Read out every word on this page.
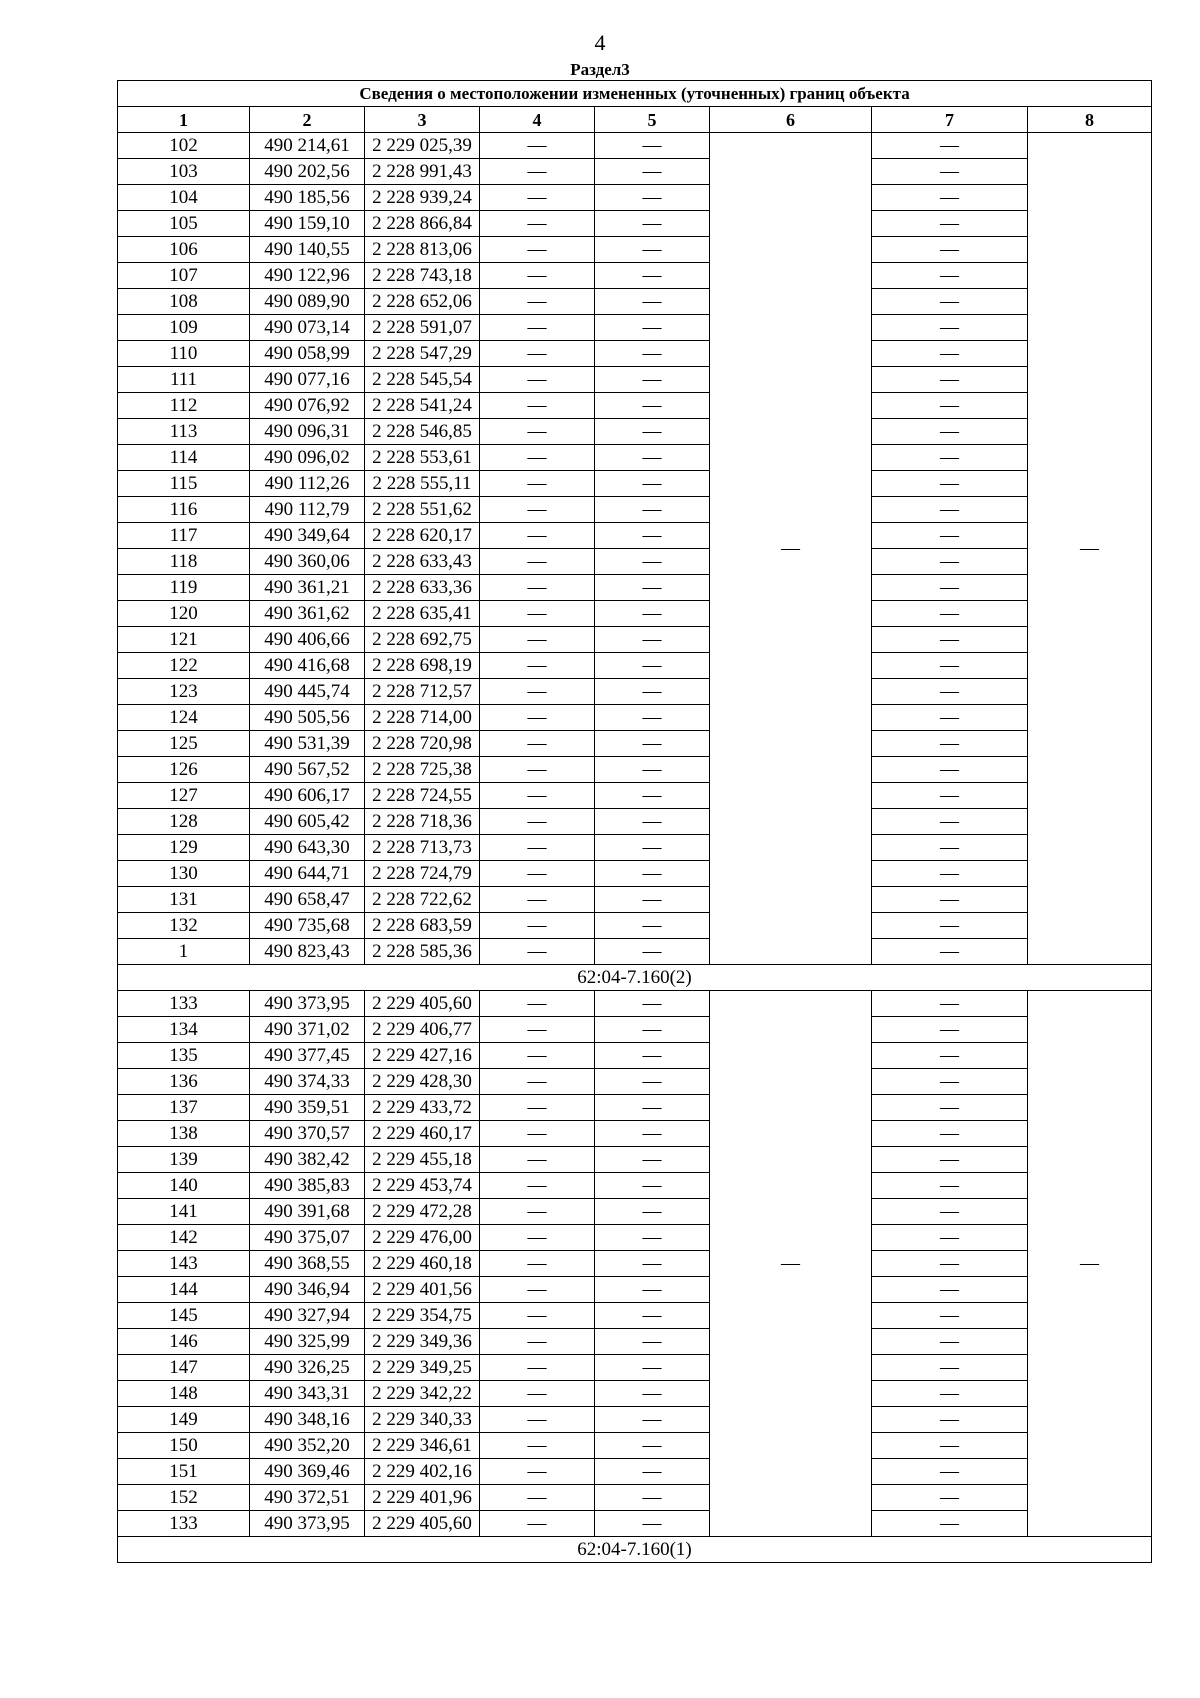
4
Раздел3
Сведения о местоположении измененных (уточненных) границ объекта							
1	2	3	4	5	6	7	8
102	490 214,61	2 229 025,39	—	—	—	—	—
103	490 202,56	2 228 991,43	—	—		—	
104	490 185,56	2 228 939,24	—	—		—	
105	490 159,10	2 228 866,84	—	—		—	
106	490 140,55	2 228 813,06	—	—		—	
107	490 122,96	2 228 743,18	—	—		—	
108	490 089,90	2 228 652,06	—	—		—	
109	490 073,14	2 228 591,07	—	—		—	
110	490 058,99	2 228 547,29	—	—		—	
111	490 077,16	2 228 545,54	—	—		—	
112	490 076,92	2 228 541,24	—	—		—	
113	490 096,31	2 228 546,85	—	—		—	
114	490 096,02	2 228 553,61	—	—		—	
115	490 112,26	2 228 555,11	—	—		—	
116	490 112,79	2 228 551,62	—	—		—	
117	490 349,64	2 228 620,17	—	—		—	
118	490 360,06	2 228 633,43	—	—		—	
119	490 361,21	2 228 633,36	—	—		—	
120	490 361,62	2 228 635,41	—	—		—	
121	490 406,66	2 228 692,75	—	—		—	
122	490 416,68	2 228 698,19	—	—		—	
123	490 445,74	2 228 712,57	—	—		—	
124	490 505,56	2 228 714,00	—	—		—	
125	490 531,39	2 228 720,98	—	—		—	
126	490 567,52	2 228 725,38	—	—		—	
127	490 606,17	2 228 724,55	—	—		—	
128	490 605,42	2 228 718,36	—	—		—	
129	490 643,30	2 228 713,73	—	—		—	
130	490 644,71	2 228 724,79	—	—		—	
131	490 658,47	2 228 722,62	—	—		—	
132	490 735,68	2 228 683,59	—	—		—	
1	490 823,43	2 228 585,36	—	—		—	
62:04-7.160(2)							
133	490 373,95	2 229 405,60	—	—	—	—	—
134	490 371,02	2 229 406,77	—	—		—	
135	490 377,45	2 229 427,16	—	—		—	
136	490 374,33	2 229 428,30	—	—		—	
137	490 359,51	2 229 433,72	—	—		—	
138	490 370,57	2 229 460,17	—	—		—	
139	490 382,42	2 229 455,18	—	—		—	
140	490 385,83	2 229 453,74	—	—		—	
141	490 391,68	2 229 472,28	—	—		—	
142	490 375,07	2 229 476,00	—	—		—	
143	490 368,55	2 229 460,18	—	—		—	
144	490 346,94	2 229 401,56	—	—		—	
145	490 327,94	2 229 354,75	—	—		—	
146	490 325,99	2 229 349,36	—	—		—	
147	490 326,25	2 229 349,25	—	—		—	
148	490 343,31	2 229 342,22	—	—		—	
149	490 348,16	2 229 340,33	—	—		—	
150	490 352,20	2 229 346,61	—	—		—	
151	490 369,46	2 229 402,16	—	—		—	
152	490 372,51	2 229 401,96	—	—		—	
133	490 373,95	2 229 405,60	—	—		—	
62:04-7.160(1)							
